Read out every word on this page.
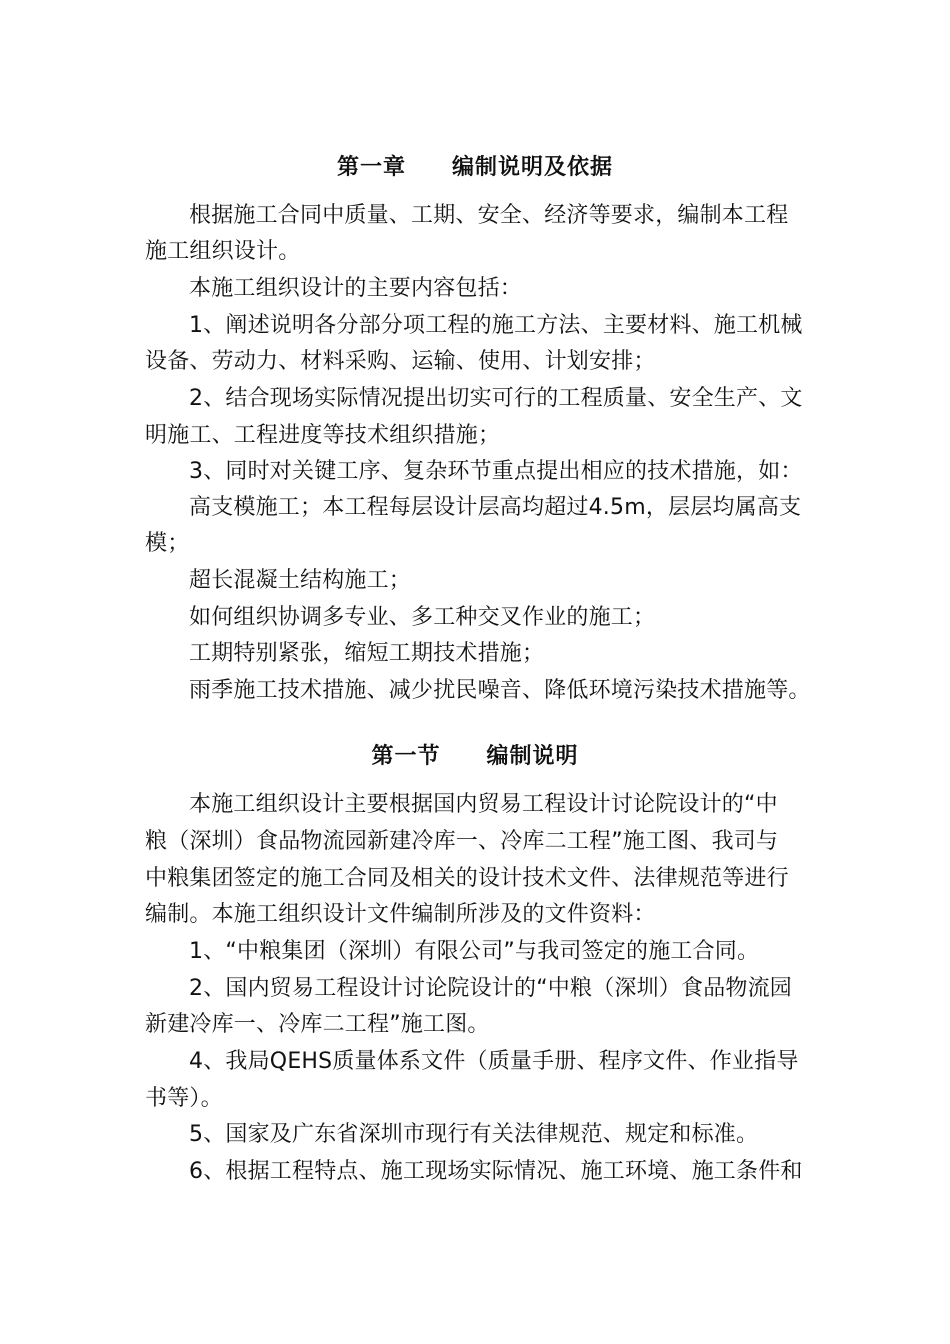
第一章　　编制说明及依据
根据施工合同中质量、工期、安全、经济等要求，编制本工程
施工组织设计。
本施工组织设计的主要内容包括：
1、阐述说明各分部分项工程的施工方法、主要材料、施工机械
设备、劳动力、材料采购、运输、使用、计划安排；
2、结合现场实际情况提出切实可行的工程质量、安全生产、文
明施工、工程进度等技术组织措施；
3、同时对关键工序、复杂环节重点提出相应的技术措施，如：
高支模施工；本工程每层设计层高均超过4.5m，层层均属高支
模；
超长混凝土结构施工；
如何组织协调多专业、多工种交叉作业的施工；
工期特别紧张，缩短工期技术措施；
雨季施工技术措施、减少扰民噪音、降低环境污染技术措施等。
第一节　　编制说明
本施工组织设计主要根据国内贸易工程设计讨论院设计的“中
粮（深圳）食品物流园新建冷库一、冷库二工程”施工图、我司与
中粮集团签定的施工合同及相关的设计技术文件、法律规范等进行
编制。本施工组织设计文件编制所涉及的文件资料：
1、“中粮集团（深圳）有限公司”与我司签定的施工合同。
2、国内贸易工程设计讨论院设计的“中粮（深圳）食品物流园
新建冷库一、冷库二工程”施工图。
4、我局QEHS质量体系文件（质量手册、程序文件、作业指导
书等）。
5、国家及广东省深圳市现行有关法律规范、规定和标准。
6、根据工程特点、施工现场实际情况、施工环境、施工条件和
